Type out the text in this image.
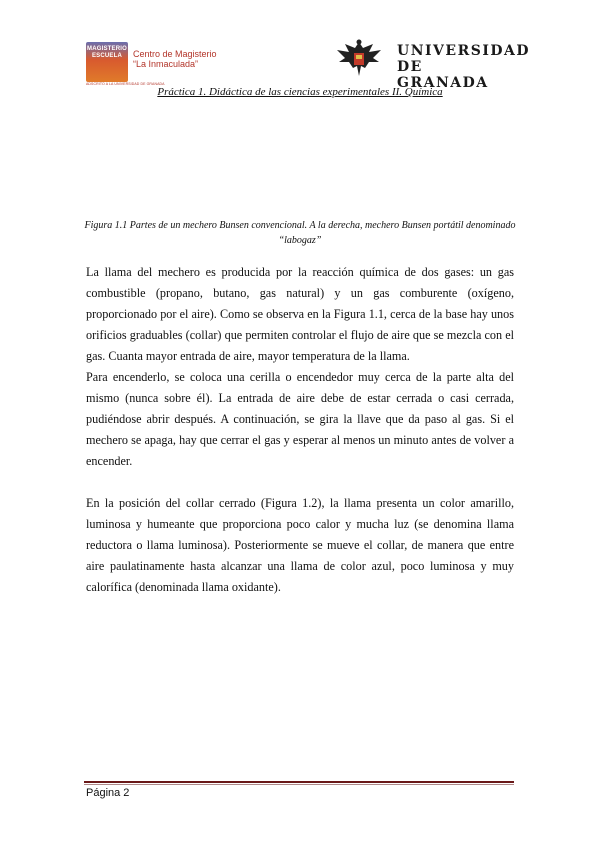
MAGISTERIO ESCUELA	Centro de Magisterio
“La Inmaculada”
ADSCRITO A LA UNIVERSIDAD DE GRANADA
UNIVERSIDAD
DE GRANADA
Práctica 1. Didáctica de las ciencias experimentales II. Química
Figura 1.1 Partes de un mechero Bunsen convencional. A la derecha, mechero Bunsen portátil denominado “labogaz”

La llama del mechero es producida por la reacción química de dos gases: un gas combustible (propano, butano, gas natural) y un gas comburente (oxígeno, proporcionado por el aire). Como se observa en la Figura 1.1, cerca de la base hay unos orificios graduables (collar) que permiten controlar el flujo de aire que se mezcla con el gas. Cuanta mayor entrada de aire, mayor temperatura de la llama.

Para encenderlo, se coloca una cerilla o encendedor muy cerca de la parte alta del mismo (nunca sobre él). La entrada de aire debe de estar cerrada o casi cerrada, pudiéndose abrir después. A continuación, se gira la llave que da paso al gas. Si el mechero se apaga, hay que cerrar el gas y esperar al menos un minuto antes de volver a encender.

En la posición del collar cerrado (Figura 1.2), la llama presenta un color amarillo, luminosa y humeante que proporciona poco calor y mucha luz (se denomina llama reductora o llama luminosa). Posteriormente se mueve el collar, de manera que entre aire paulatinamente hasta alcanzar una llama de color azul, poco luminosa y muy calorífica (denominada llama oxidante).

Página 2
